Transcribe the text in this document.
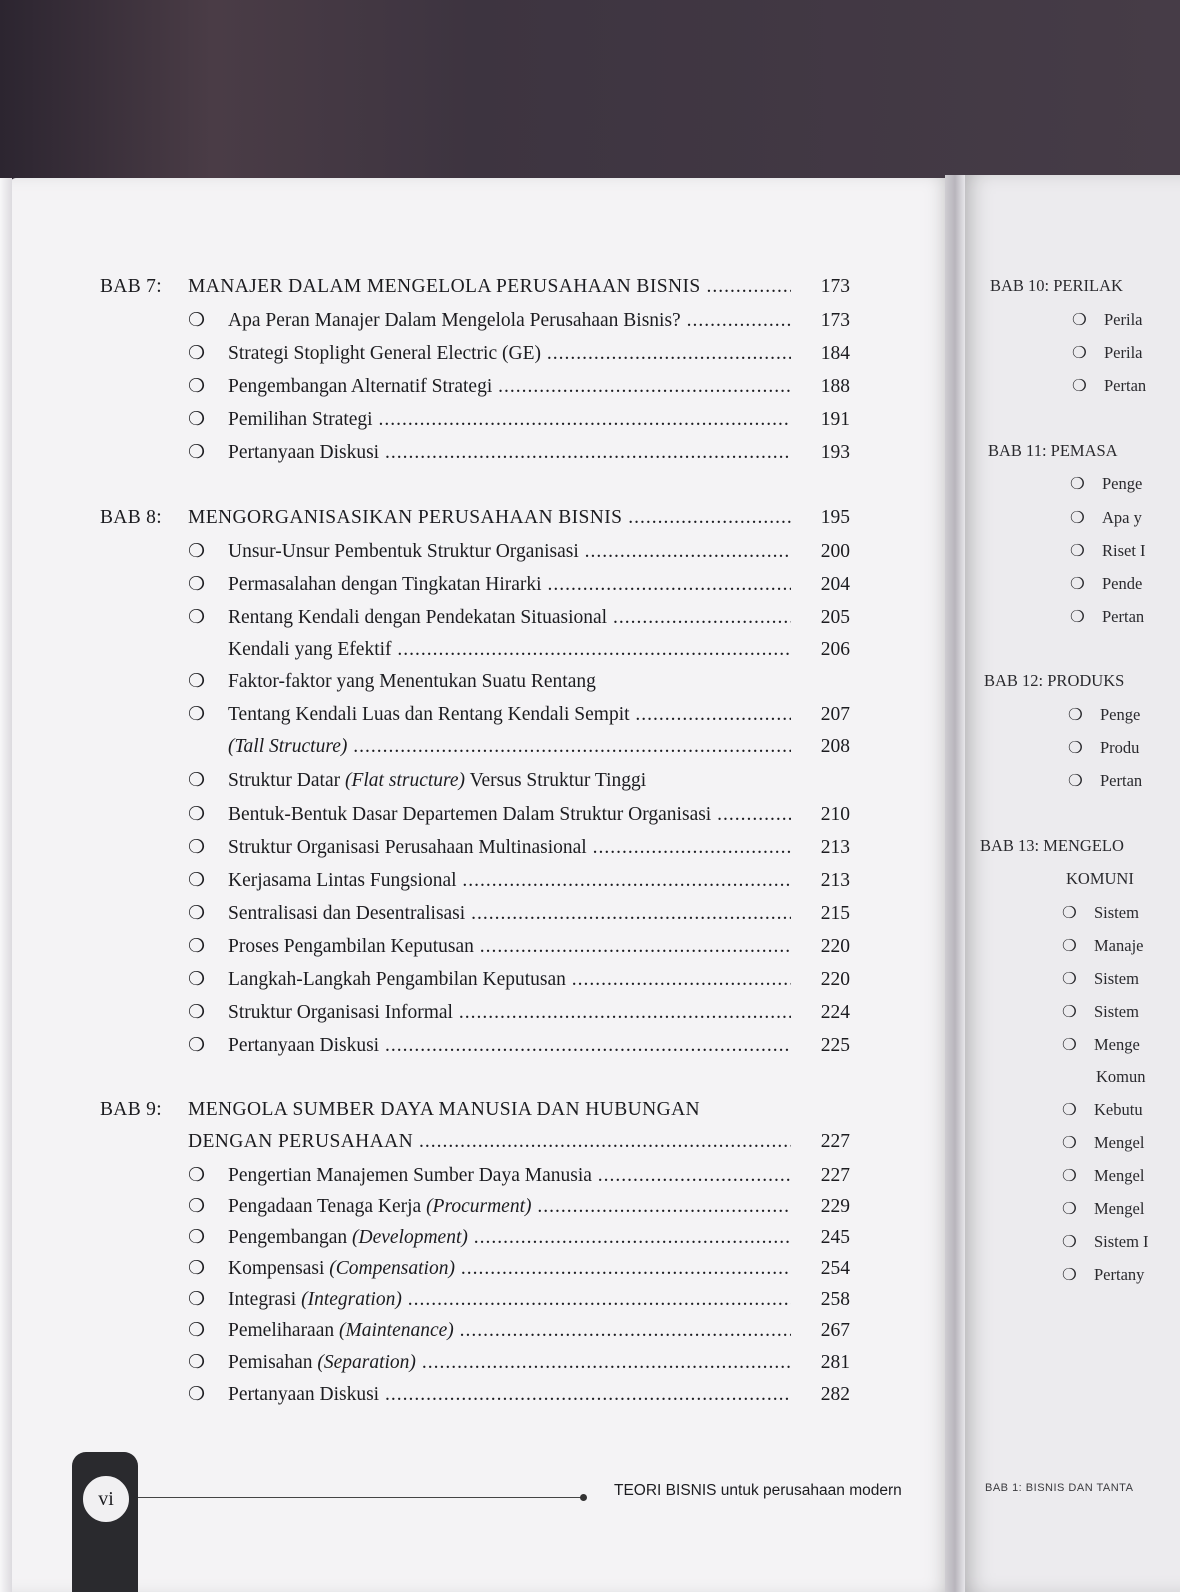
BAB 7:	MANAJER DALAM MENGELOLA PERUSAHAAN BISNIS .....	173
❍	Apa Peran Manajer Dalam Mengelola Perusahaan Bisnis? .....	173
❍	Strategi Stoplight General Electric (GE) .....	184
❍	Pengembangan Alternatif Strategi .....	188
❍	Pemilihan Strategi .....	191
❍	Pertanyaan Diskusi .....	193
BAB 8:	MENGORGANISASIKAN PERUSAHAAN BISNIS .....	195
❍	Unsur-Unsur Pembentuk Struktur Organisasi .....	200
❍	Permasalahan dengan Tingkatan Hirarki .....	204
❍	Rentang Kendali dengan Pendekatan Situasional .....	205
❍	Faktor-faktor yang Menentukan Suatu Rentang
Kendali yang Efektif .....	206
❍	Tentang Kendali Luas dan Rentang Kendali Sempit .....	207
❍	Struktur Datar (Flat structure) Versus Struktur Tinggi
(Tall Structure) .....	208
❍	Bentuk-Bentuk Dasar Departemen Dalam Struktur Organisasi .....	210
❍	Struktur Organisasi Perusahaan Multinasional .....	213
❍	Kerjasama Lintas Fungsional .....	213
❍	Sentralisasi dan Desentralisasi .....	215
❍	Proses Pengambilan Keputusan .....	220
❍	Langkah-Langkah Pengambilan Keputusan .....	220
❍	Struktur Organisasi Informal .....	224
❍	Pertanyaan Diskusi .....	225
BAB 9:	MENGOLA SUMBER DAYA MANUSIA DAN HUBUNGAN
DENGAN PERUSAHAAN .....	227
❍	Pengertian Manajemen Sumber Daya Manusia .....	227
❍	Pengadaan Tenaga Kerja (Procurment) .....	229
❍	Pengembangan (Development) .....	245
❍	Kompensasi (Compensation) .....	254
❍	Integrasi (Integration) .....	258
❍	Pemeliharaan (Maintenance) .....	267
❍	Pemisahan (Separation) .....	281
❍	Pertanyaan Diskusi .....	282
vi	TEORI BISNIS untuk perusahaan modern
BAB 10: PERILAK
❍ Perila
❍ Perila
❍ Pertan
BAB 11: PEMASA
❍ Penge
❍ Apa y
❍ Riset I
❍ Pende
❍ Pertan
BAB 12: PRODUKS
❍ Penge
❍ Produ
❍ Pertan
BAB 13: MENGELO
KOMUNI
❍ Sistem
❍ Manaje
❍ Sistem
❍ Sistem
❍ Menge
Komun
❍ Kebutu
❍ Mengel
❍ Mengel
❍ Mengel
❍ Sistem I
❍ Pertany
BAB 1: BISNIS DAN TANTA
